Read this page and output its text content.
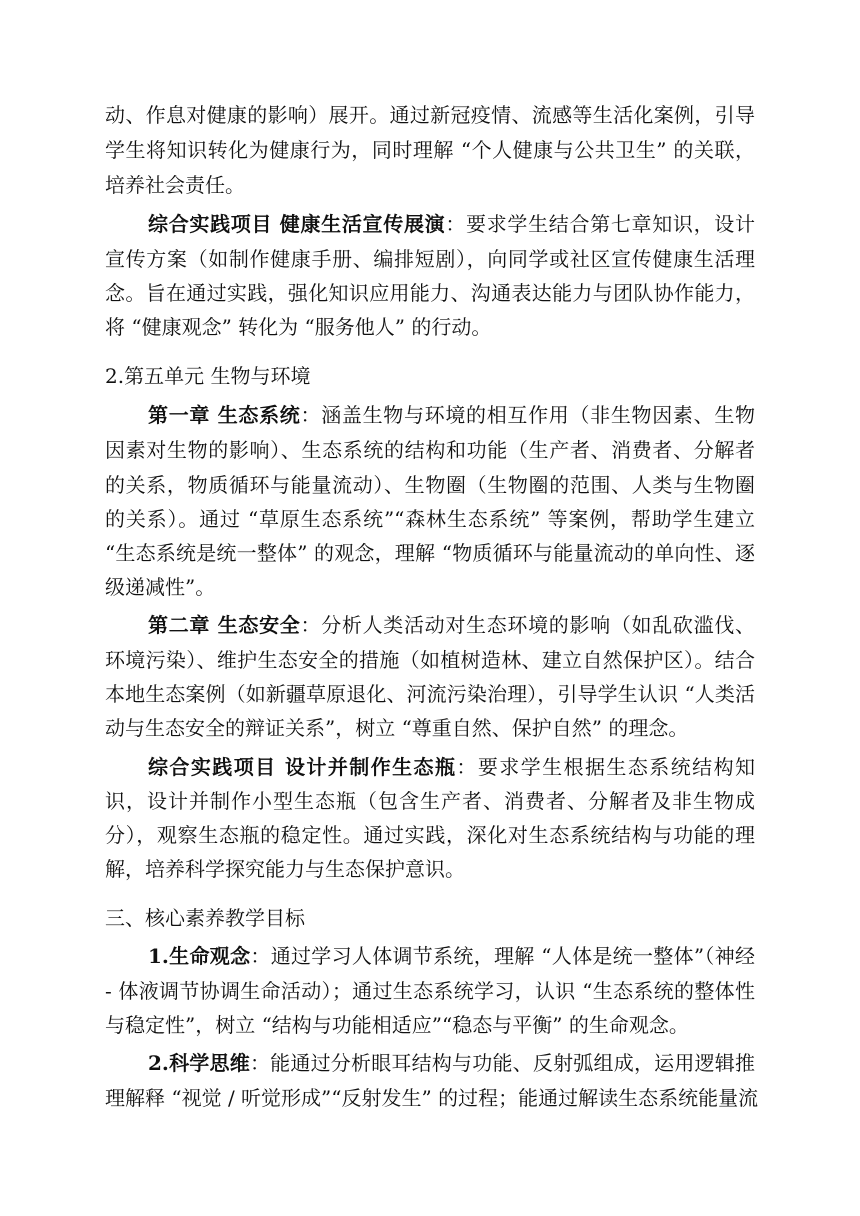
动、作息对健康的影响）展开。通过新冠疫情、流感等生活化案例，引导
学生将知识转化为健康行为，同时理解 “个人健康与公共卫生” 的关联，
培养社会责任。
综合实践项目 健康生活宣传展演：要求学生结合第七章知识，设计
宣传方案（如制作健康手册、编排短剧），向同学或社区宣传健康生活理
念。旨在通过实践，强化知识应用能力、沟通表达能力与团队协作能力，
将 “健康观念” 转化为 “服务他人” 的行动。
2.第五单元 生物与环境
第一章 生态系统：涵盖生物与环境的相互作用（非生物因素、生物
因素对生物的影响）、生态系统的结构和功能（生产者、消费者、分解者
的关系，物质循环与能量流动）、生物圈（生物圈的范围、人类与生物圈
的关系）。通过 “草原生态系统”“森林生态系统” 等案例，帮助学生建立
“生态系统是统一整体” 的观念，理解 “物质循环与能量流动的单向性、逐
级递减性”。
第二章 生态安全：分析人类活动对生态环境的影响（如乱砍滥伐、
环境污染）、维护生态安全的措施（如植树造林、建立自然保护区）。结合
本地生态案例（如新疆草原退化、河流污染治理），引导学生认识 “人类活
动与生态安全的辩证关系”，树立 “尊重自然、保护自然” 的理念。
综合实践项目 设计并制作生态瓶：要求学生根据生态系统结构知
识，设计并制作小型生态瓶（包含生产者、消费者、分解者及非生物成
分），观察生态瓶的稳定性。通过实践，深化对生态系统结构与功能的理
解，培养科学探究能力与生态保护意识。
三、核心素养教学目标
1.生命观念：通过学习人体调节系统，理解 “人体是统一整体”（神经
- 体液调节协调生命活动）；通过生态系统学习，认识 “生态系统的整体性
与稳定性”，树立 “结构与功能相适应”“稳态与平衡” 的生命观念。
2.科学思维：能通过分析眼耳结构与功能、反射弧组成，运用逻辑推
理解释 “视觉 / 听觉形成”“反射发生” 的过程；能通过解读生态系统能量流
